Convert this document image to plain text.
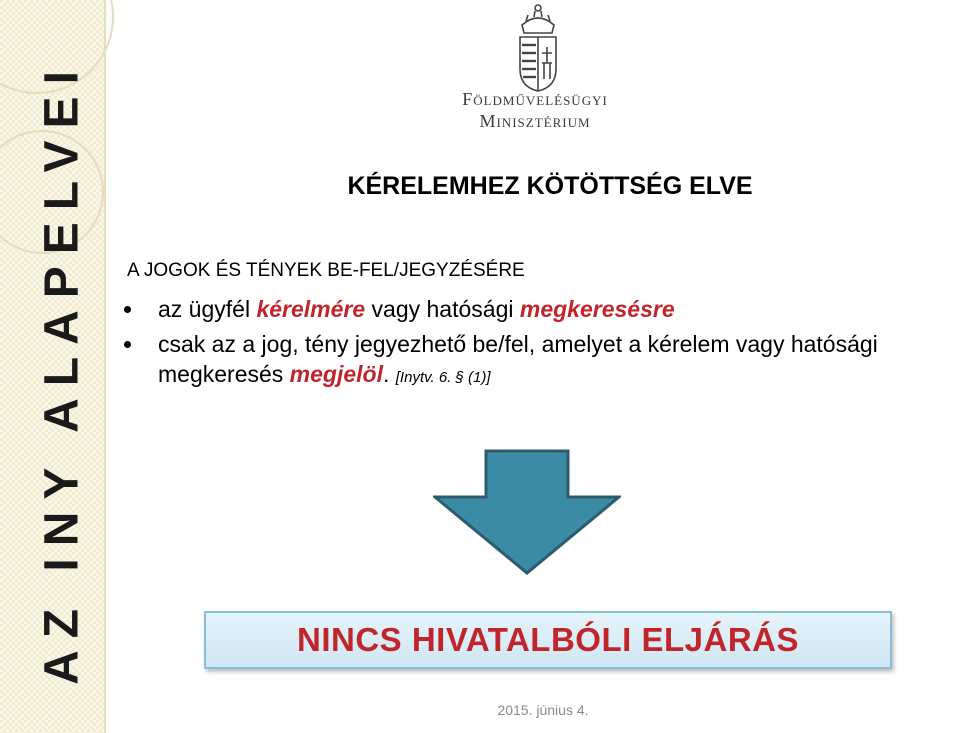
AZ INY ALAPELVEI	Földművelésügyi
Minisztérium
KÉRELEMHEZ KÖTÖTTSÉG ELVE
A JOGOK ÉS TÉNYEK BE-FEL/JEGYZÉSÉRE
az ügyfél kérelmére vagy hatósági megkeresésre
csak az a jog, tény jegyezhető be/fel, amelyet a kérelem vagy hatósági megkeresés megjelöl. [Inytv. 6. § (1)]
NINCS HIVATALBÓLI ELJÁRÁS
2015. június 4.
